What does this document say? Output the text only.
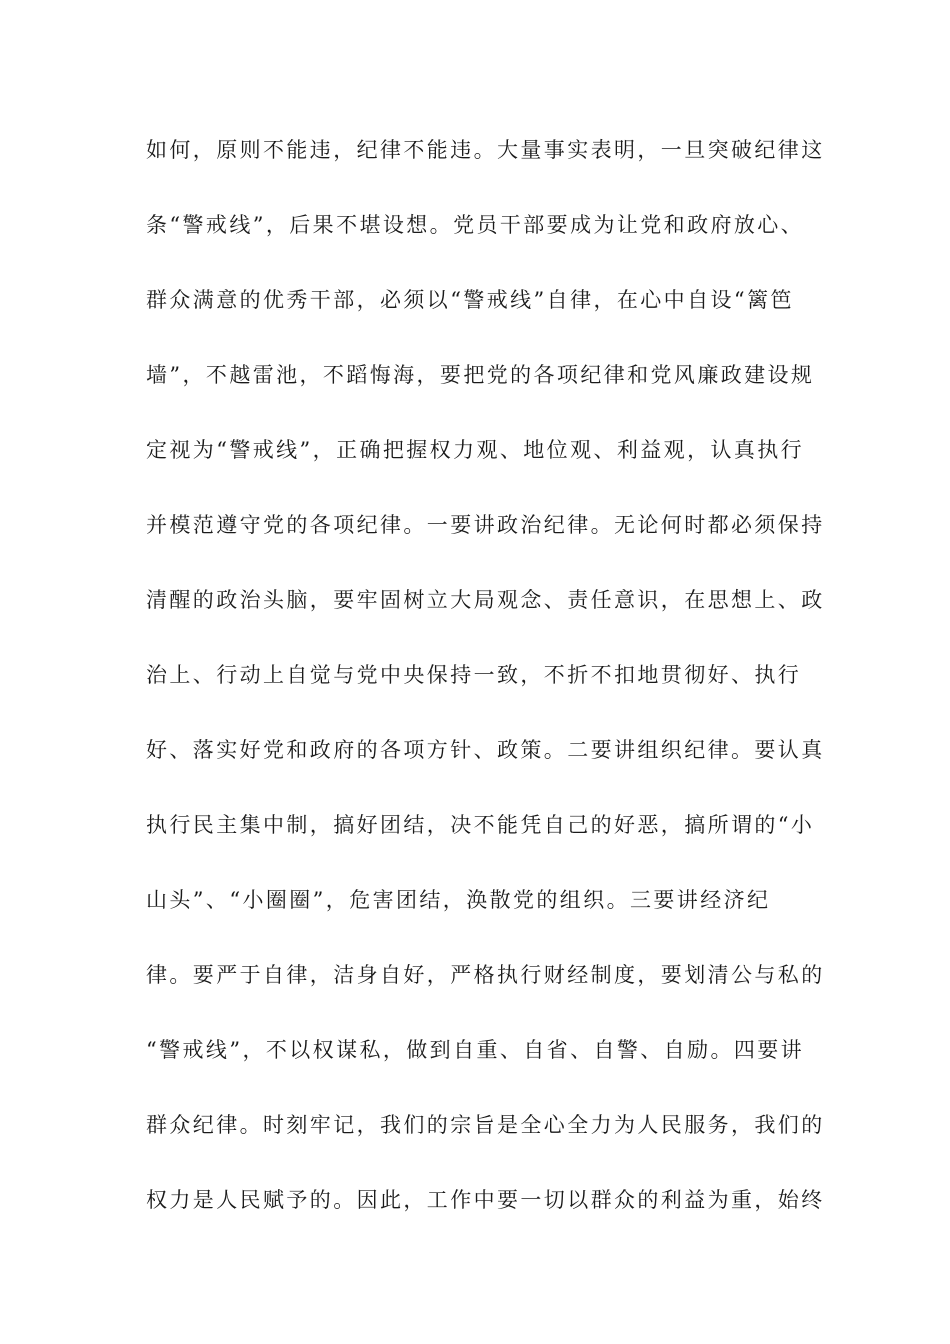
如何，原则不能违，纪律不能违。大量事实表明，一旦突破纪律这
条“警戒线”，后果不堪设想。党员干部要成为让党和政府放心、
群众满意的优秀干部，必须以“警戒线”自律，在心中自设“篱笆
墙”，不越雷池，不蹈悔海，要把党的各项纪律和党风廉政建设规
定视为“警戒线”，正确把握权力观、地位观、利益观，认真执行
并模范遵守党的各项纪律。一要讲政治纪律。无论何时都必须保持
清醒的政治头脑，要牢固树立大局观念、责任意识，在思想上、政
治上、行动上自觉与党中央保持一致，不折不扣地贯彻好、执行
好、落实好党和政府的各项方针、政策。二要讲组织纪律。要认真
执行民主集中制，搞好团结，决不能凭自己的好恶，搞所谓的“小
山头”、“小圈圈”，危害团结，涣散党的组织。三要讲经济纪
律。要严于自律，洁身自好，严格执行财经制度，要划清公与私的
“警戒线”，不以权谋私，做到自重、自省、自警、自励。四要讲
群众纪律。时刻牢记，我们的宗旨是全心全力为人民服务，我们的
权力是人民赋予的。因此，工作中要一切以群众的利益为重，始终
